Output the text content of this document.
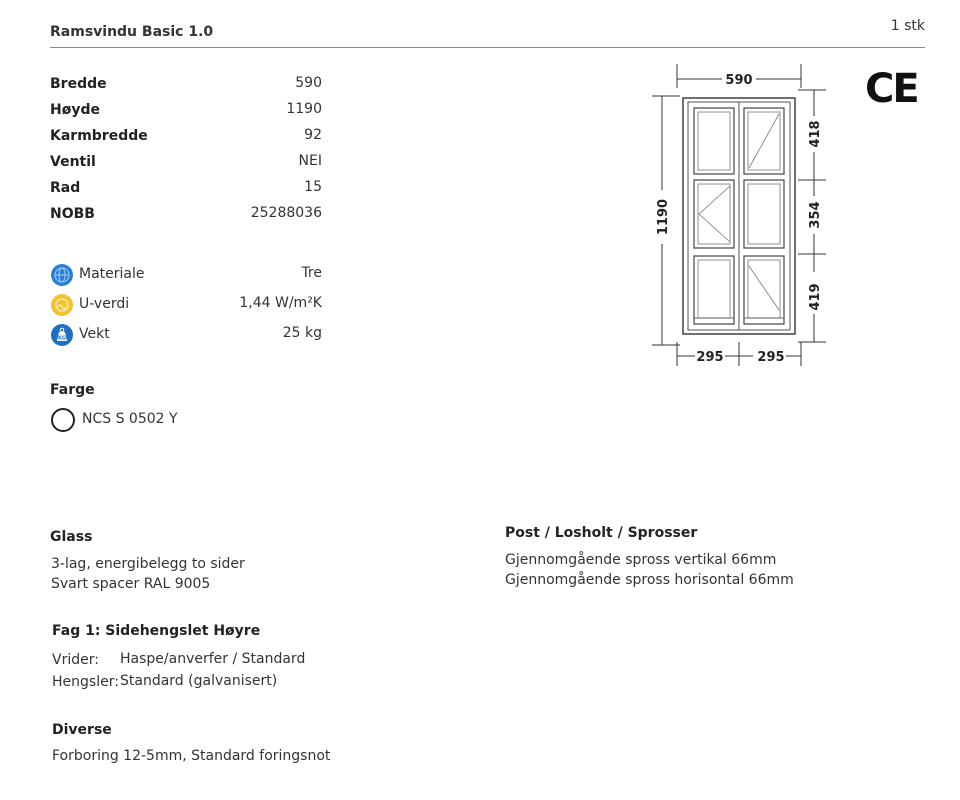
Ramsvindu Basic 1.0	1 stk
Bredde	590
Høyde	1190
Karmbredde	92
Ventil	NEI
Rad	15
NOBB	25288036
Materiale	Tre
U-verdi	1,44 W/m²K
KG Vekt	25 kg
Farge
NCS S 0502 Y
Glass
3-lag, energibelegg to sider
Svart spacer RAL 9005
Post / Losholt / Sprosser
Gjennomgående spross vertikal 66mm
Gjennomgående spross horisontal 66mm
Fag 1: Sidehengslet Høyre
Vrider: Haspe/anverfer / Standard
Hengsler: Standard (galvanisert)
Diverse
Forboring 12-5mm, Standard foringsnot
CE
590
1190
418
354
419
295	295
